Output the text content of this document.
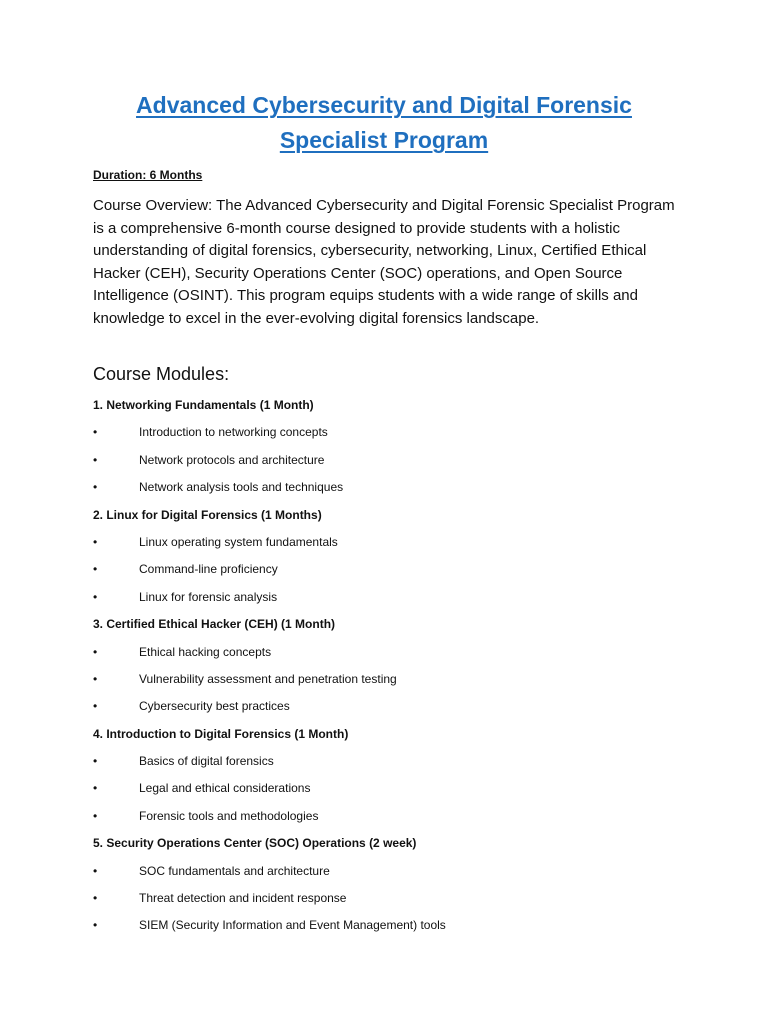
Advanced Cybersecurity and Digital Forensic
Specialist Program
Duration: 6 Months
Course Overview: The Advanced Cybersecurity and Digital Forensic Specialist Program is a comprehensive 6-month course designed to provide students with a holistic understanding of digital forensics, cybersecurity, networking, Linux, Certified Ethical Hacker (CEH), Security Operations Center (SOC) operations, and Open Source Intelligence (OSINT). This program equips students with a wide range of skills and knowledge to excel in the ever-evolving digital forensics landscape.
Course Modules:
1. Networking Fundamentals (1 Month)
•	Introduction to networking concepts
•	Network protocols and architecture
•	Network analysis tools and techniques
2. Linux for Digital Forensics (1 Months)
•	Linux operating system fundamentals
•	Command-line proficiency
•	Linux for forensic analysis
3. Certified Ethical Hacker (CEH) (1 Month)
•	Ethical hacking concepts
•	Vulnerability assessment and penetration testing
•	Cybersecurity best practices
4. Introduction to Digital Forensics (1 Month)
•	Basics of digital forensics
•	Legal and ethical considerations
•	Forensic tools and methodologies
5. Security Operations Center (SOC) Operations (2 week)
•	SOC fundamentals and architecture
•	Threat detection and incident response
•	SIEM (Security Information and Event Management) tools
